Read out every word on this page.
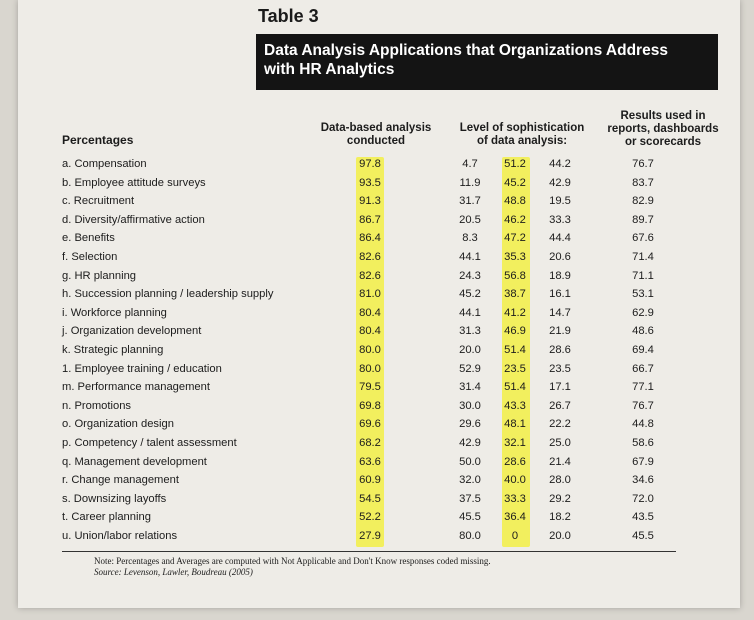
Table 3
Data Analysis Applications that Organizations Address
with HR Analytics
Percentages
Data-based analysis
conducted
Level of sophistication
of data analysis:
Results used in
reports, dashboards
or scorecards
a. Compensation	97.8	4.7	51.2	44.2	76.7
b. Employee attitude surveys	93.5	11.9	45.2	42.9	83.7
c. Recruitment	91.3	31.7	48.8	19.5	82.9
d. Diversity/affirmative action	86.7	20.5	46.2	33.3	89.7
e. Benefits	86.4	8.3	47.2	44.4	67.6
f. Selection	82.6	44.1	35.3	20.6	71.4
g. HR planning	82.6	24.3	56.8	18.9	71.1
h. Succession planning / leadership supply	81.0	45.2	38.7	16.1	53.1
i. Workforce planning	80.4	44.1	41.2	14.7	62.9
j. Organization development	80.4	31.3	46.9	21.9	48.6
k. Strategic planning	80.0	20.0	51.4	28.6	69.4
1. Employee training / education	80.0	52.9	23.5	23.5	66.7
m. Performance management	79.5	31.4	51.4	17.1	77.1
n. Promotions	69.8	30.0	43.3	26.7	76.7
o. Organization design	69.6	29.6	48.1	22.2	44.8
p. Competency / talent assessment	68.2	42.9	32.1	25.0	58.6
q. Management development	63.6	50.0	28.6	21.4	67.9
r. Change management	60.9	32.0	40.0	28.0	34.6
s. Downsizing layoffs	54.5	37.5	33.3	29.2	72.0
t. Career planning	52.2	45.5	36.4	18.2	43.5
u. Union/labor relations	27.9	80.0	0	20.0	45.5
Note: Percentages and Averages are computed with Not Applicable and Don't Know responses coded missing.
Source: Levenson, Lawler, Boudreau (2005)
